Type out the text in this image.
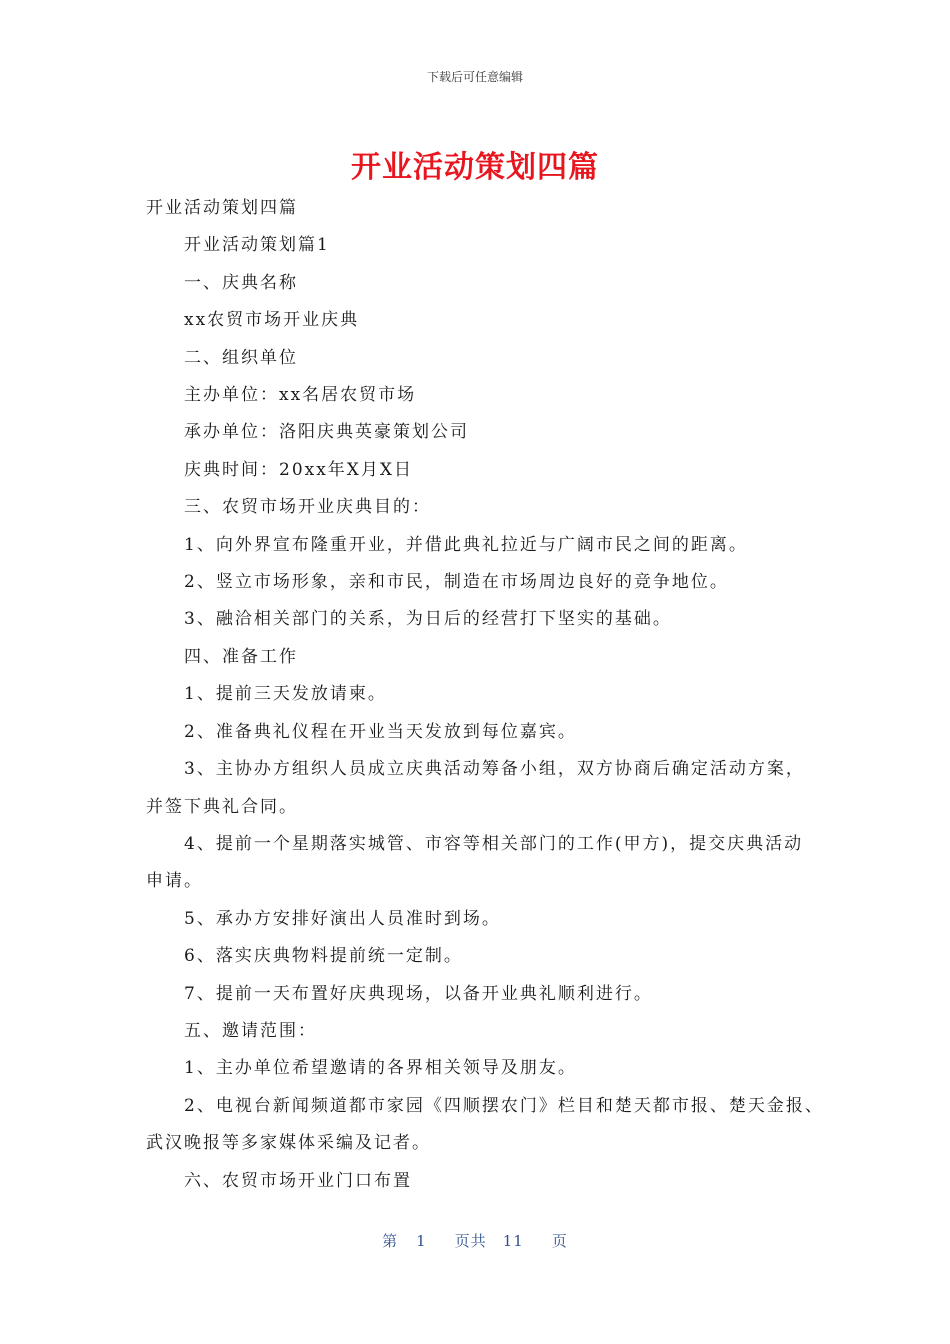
下载后可任意编辑
开业活动策划四篇

开业活动策划四篇

开业活动策划篇1

一、庆典名称

xx农贸市场开业庆典

二、组织单位

主办单位：xx名居农贸市场

承办单位：洛阳庆典英豪策划公司

庆典时间：20xx年X月X日

三、农贸市场开业庆典目的：

1、向外界宣布隆重开业，并借此典礼拉近与广阔市民之间的距离。

2、竖立市场形象，亲和市民，制造在市场周边良好的竞争地位。

3、融洽相关部门的关系，为日后的经营打下坚实的基础。

四、准备工作

1、提前三天发放请柬。

2、准备典礼仪程在开业当天发放到每位嘉宾。

3、主协办方组织人员成立庆典活动筹备小组，双方协商后确定活动方案，

并签下典礼合同。

4、提前一个星期落实城管、市容等相关部门的工作(甲方)，提交庆典活动

申请。

5、承办方安排好演出人员准时到场。

6、落实庆典物料提前统一定制。

7、提前一天布置好庆典现场，以备开业典礼顺利进行。

五、邀请范围：

1、主办单位希望邀请的各界相关领导及朋友。

2、电视台新闻频道都市家园《四顺摆农门》栏目和楚天都市报、楚天金报、

武汉晚报等多家媒体采编及记者。

六、农贸市场开业门口布置

第 1 页共 11 页
